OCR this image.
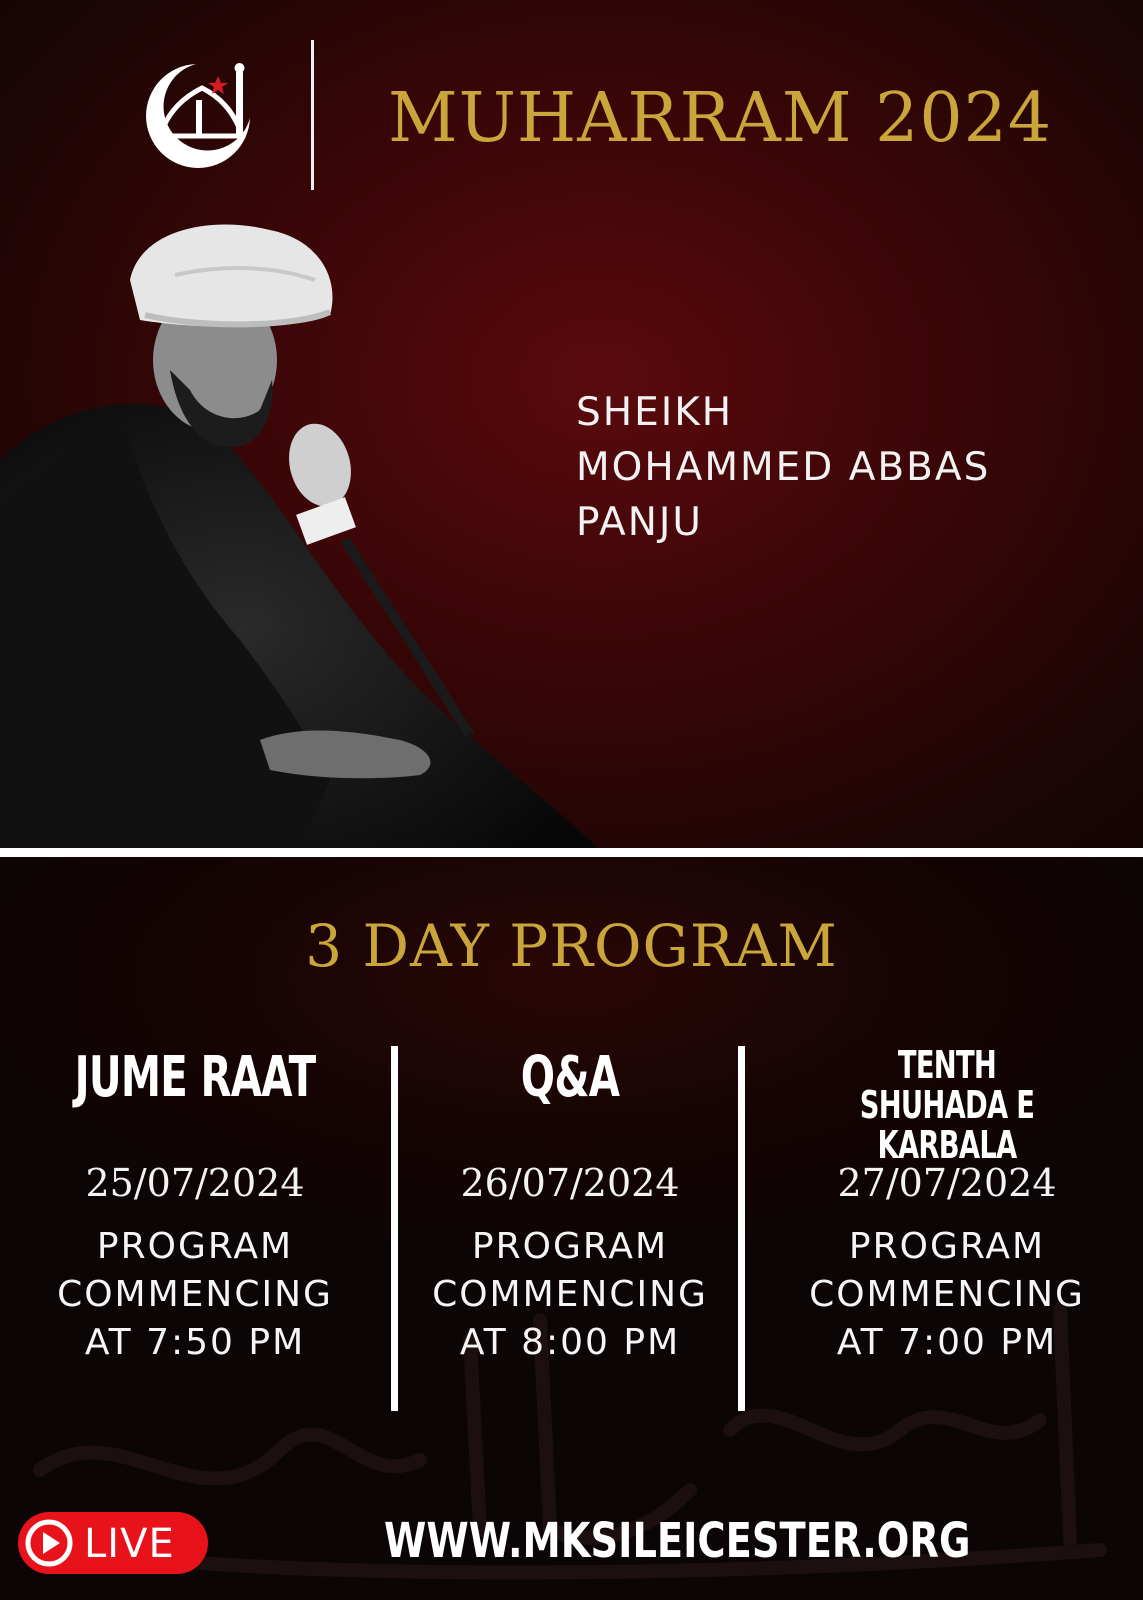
MUHARRAM 2024
SHEIKH
MOHAMMED ABBAS
PANJU
3 DAY PROGRAM
JUME RAAT
25/07/2024
PROGRAM
COMMENCING
AT 7:50 PM
Q&A
26/07/2024
PROGRAM
COMMENCING
AT 8:00 PM
TENTH SHUHADA E KARBALA
27/07/2024
PROGRAM
COMMENCING
AT 7:00 PM
LIVE	WWW.MKSILEICESTER.ORG
